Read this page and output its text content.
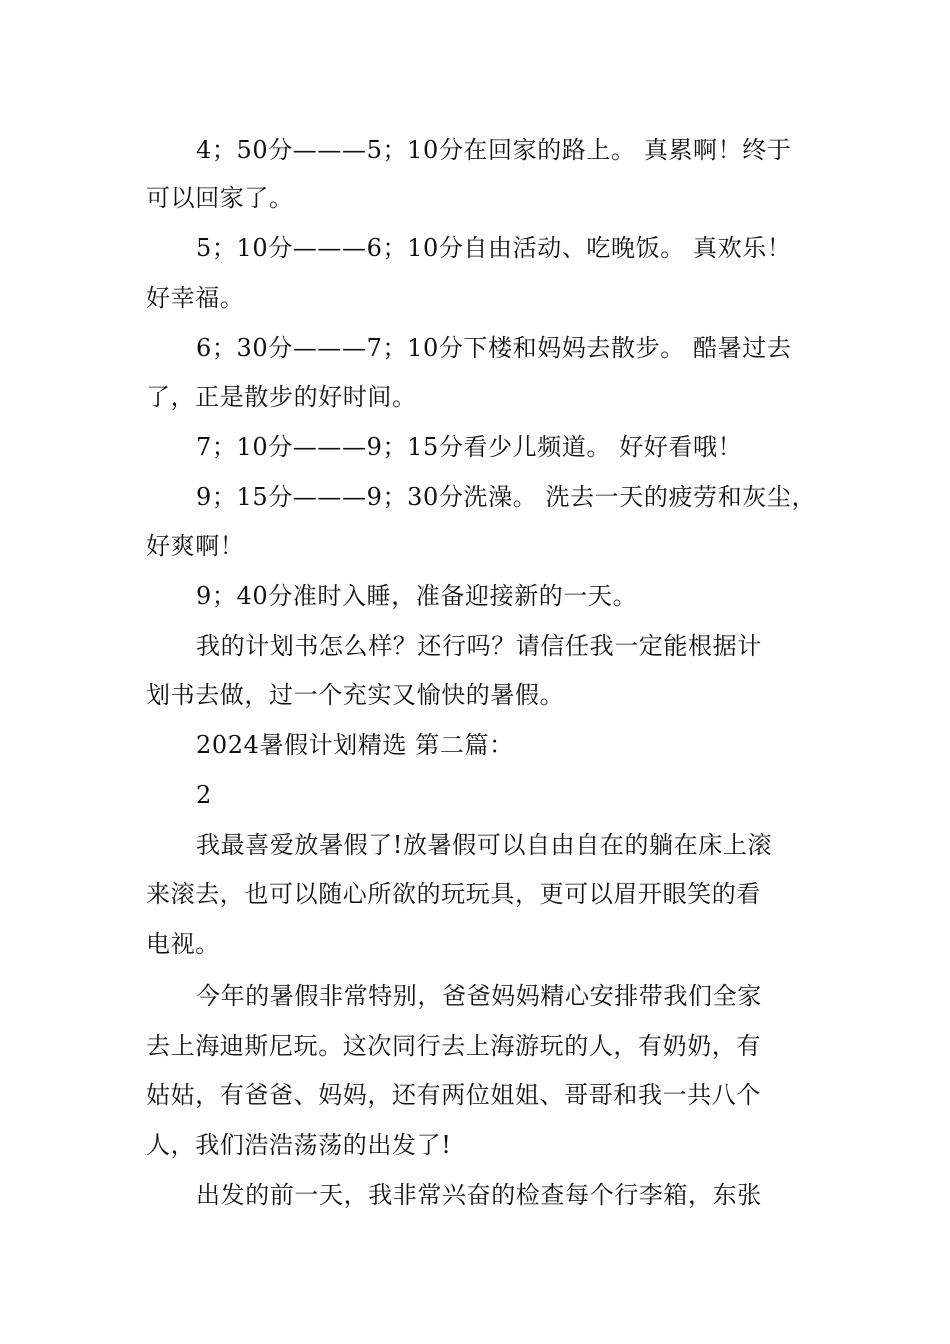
4；50分———5；10分在回家的路上。 真累啊！终于
可以回家了。
5；10分———6；10分自由活动、吃晚饭。 真欢乐！
好幸福。
6；30分———7；10分下楼和妈妈去散步。 酷暑过去
了，正是散步的好时间。
7；10分———9；15分看少儿频道。 好好看哦！
9；15分———9；30分洗澡。 洗去一天的疲劳和灰尘，
好爽啊！
9；40分准时入睡，准备迎接新的一天。
我的计划书怎么样？还行吗？请信任我一定能根据计
划书去做，过一个充实又愉快的暑假。
2024暑假计划精选 第二篇：
2
我最喜爱放暑假了!放暑假可以自由自在的躺在床上滚
来滚去，也可以随心所欲的玩玩具，更可以眉开眼笑的看
电视。
今年的暑假非常特别，爸爸妈妈精心安排带我们全家
去上海迪斯尼玩。这次同行去上海游玩的人，有奶奶，有
姑姑，有爸爸、妈妈，还有两位姐姐、哥哥和我一共八个
人，我们浩浩荡荡的出发了!
出发的前一天，我非常兴奋的检查每个行李箱，东张
